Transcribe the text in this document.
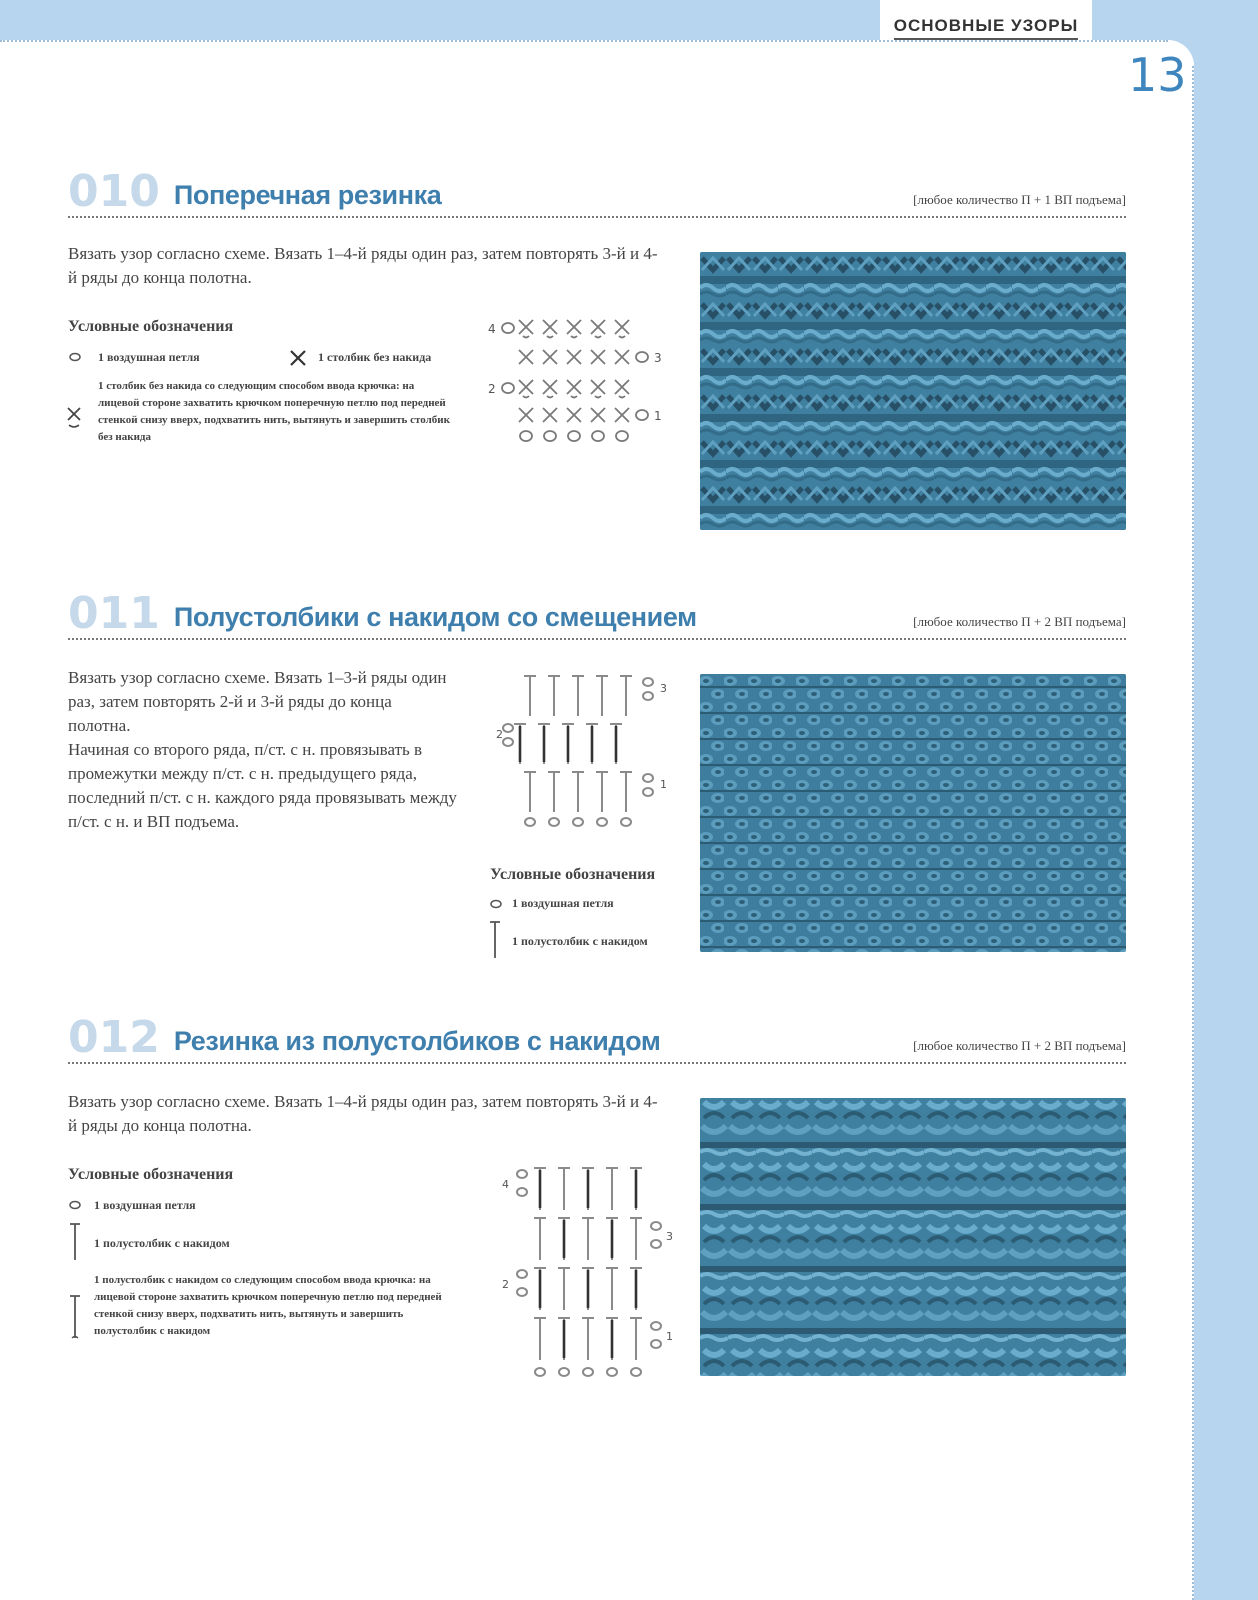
ОСНОВНЫЕ УЗОРЫ
13
010 Поперечная резинка	[любое количество П + 1 ВП подъема]
Вязать узор согласно схеме. Вязать 1–4-й ряды один раз, затем повторять 3-й и 4-й ряды до конца полотна.
Условные обозначения
1 воздушная петля	1 столбик без накида
1 столбик без накида со следующим способом ввода крючка: на лицевой стороне захватить крючком поперечную петлю под передней стенкой снизу вверх, подхватить нить, вытянуть и завершить столбик без накида
4
3
2
1
011 Полустолбики с накидом со смещением	[любое количество П + 2 ВП подъема]
Вязать узор согласно схеме. Вязать 1–3-й ряды один раз, затем повторять 2-й и 3-й ряды до конца полотна.
Начиная со второго ряда, п/ст. с н. провязывать в промежутки между п/ст. с н. предыдущего ряда, последний п/ст. с н. каждого ряда провязывать между п/ст. с н. и ВП подъема.
3
2
1
Условные обозначения
1 воздушная петля
1 полустолбик с накидом
012 Резинка из полустолбиков с накидом	[любое количество П + 2 ВП подъема]
Вязать узор согласно схеме. Вязать 1–4-й ряды один раз, затем повторять 3-й и 4-й ряды до конца полотна.
Условные обозначения
1 воздушная петля
1 полустолбик с накидом
1 полустолбик с накидом со следующим способом ввода крючка: на лицевой стороне захватить крючком поперечную петлю под передней стенкой снизу вверх, подхватить нить, вытянуть и завершить полустолбик с накидом
4
3
2
1
